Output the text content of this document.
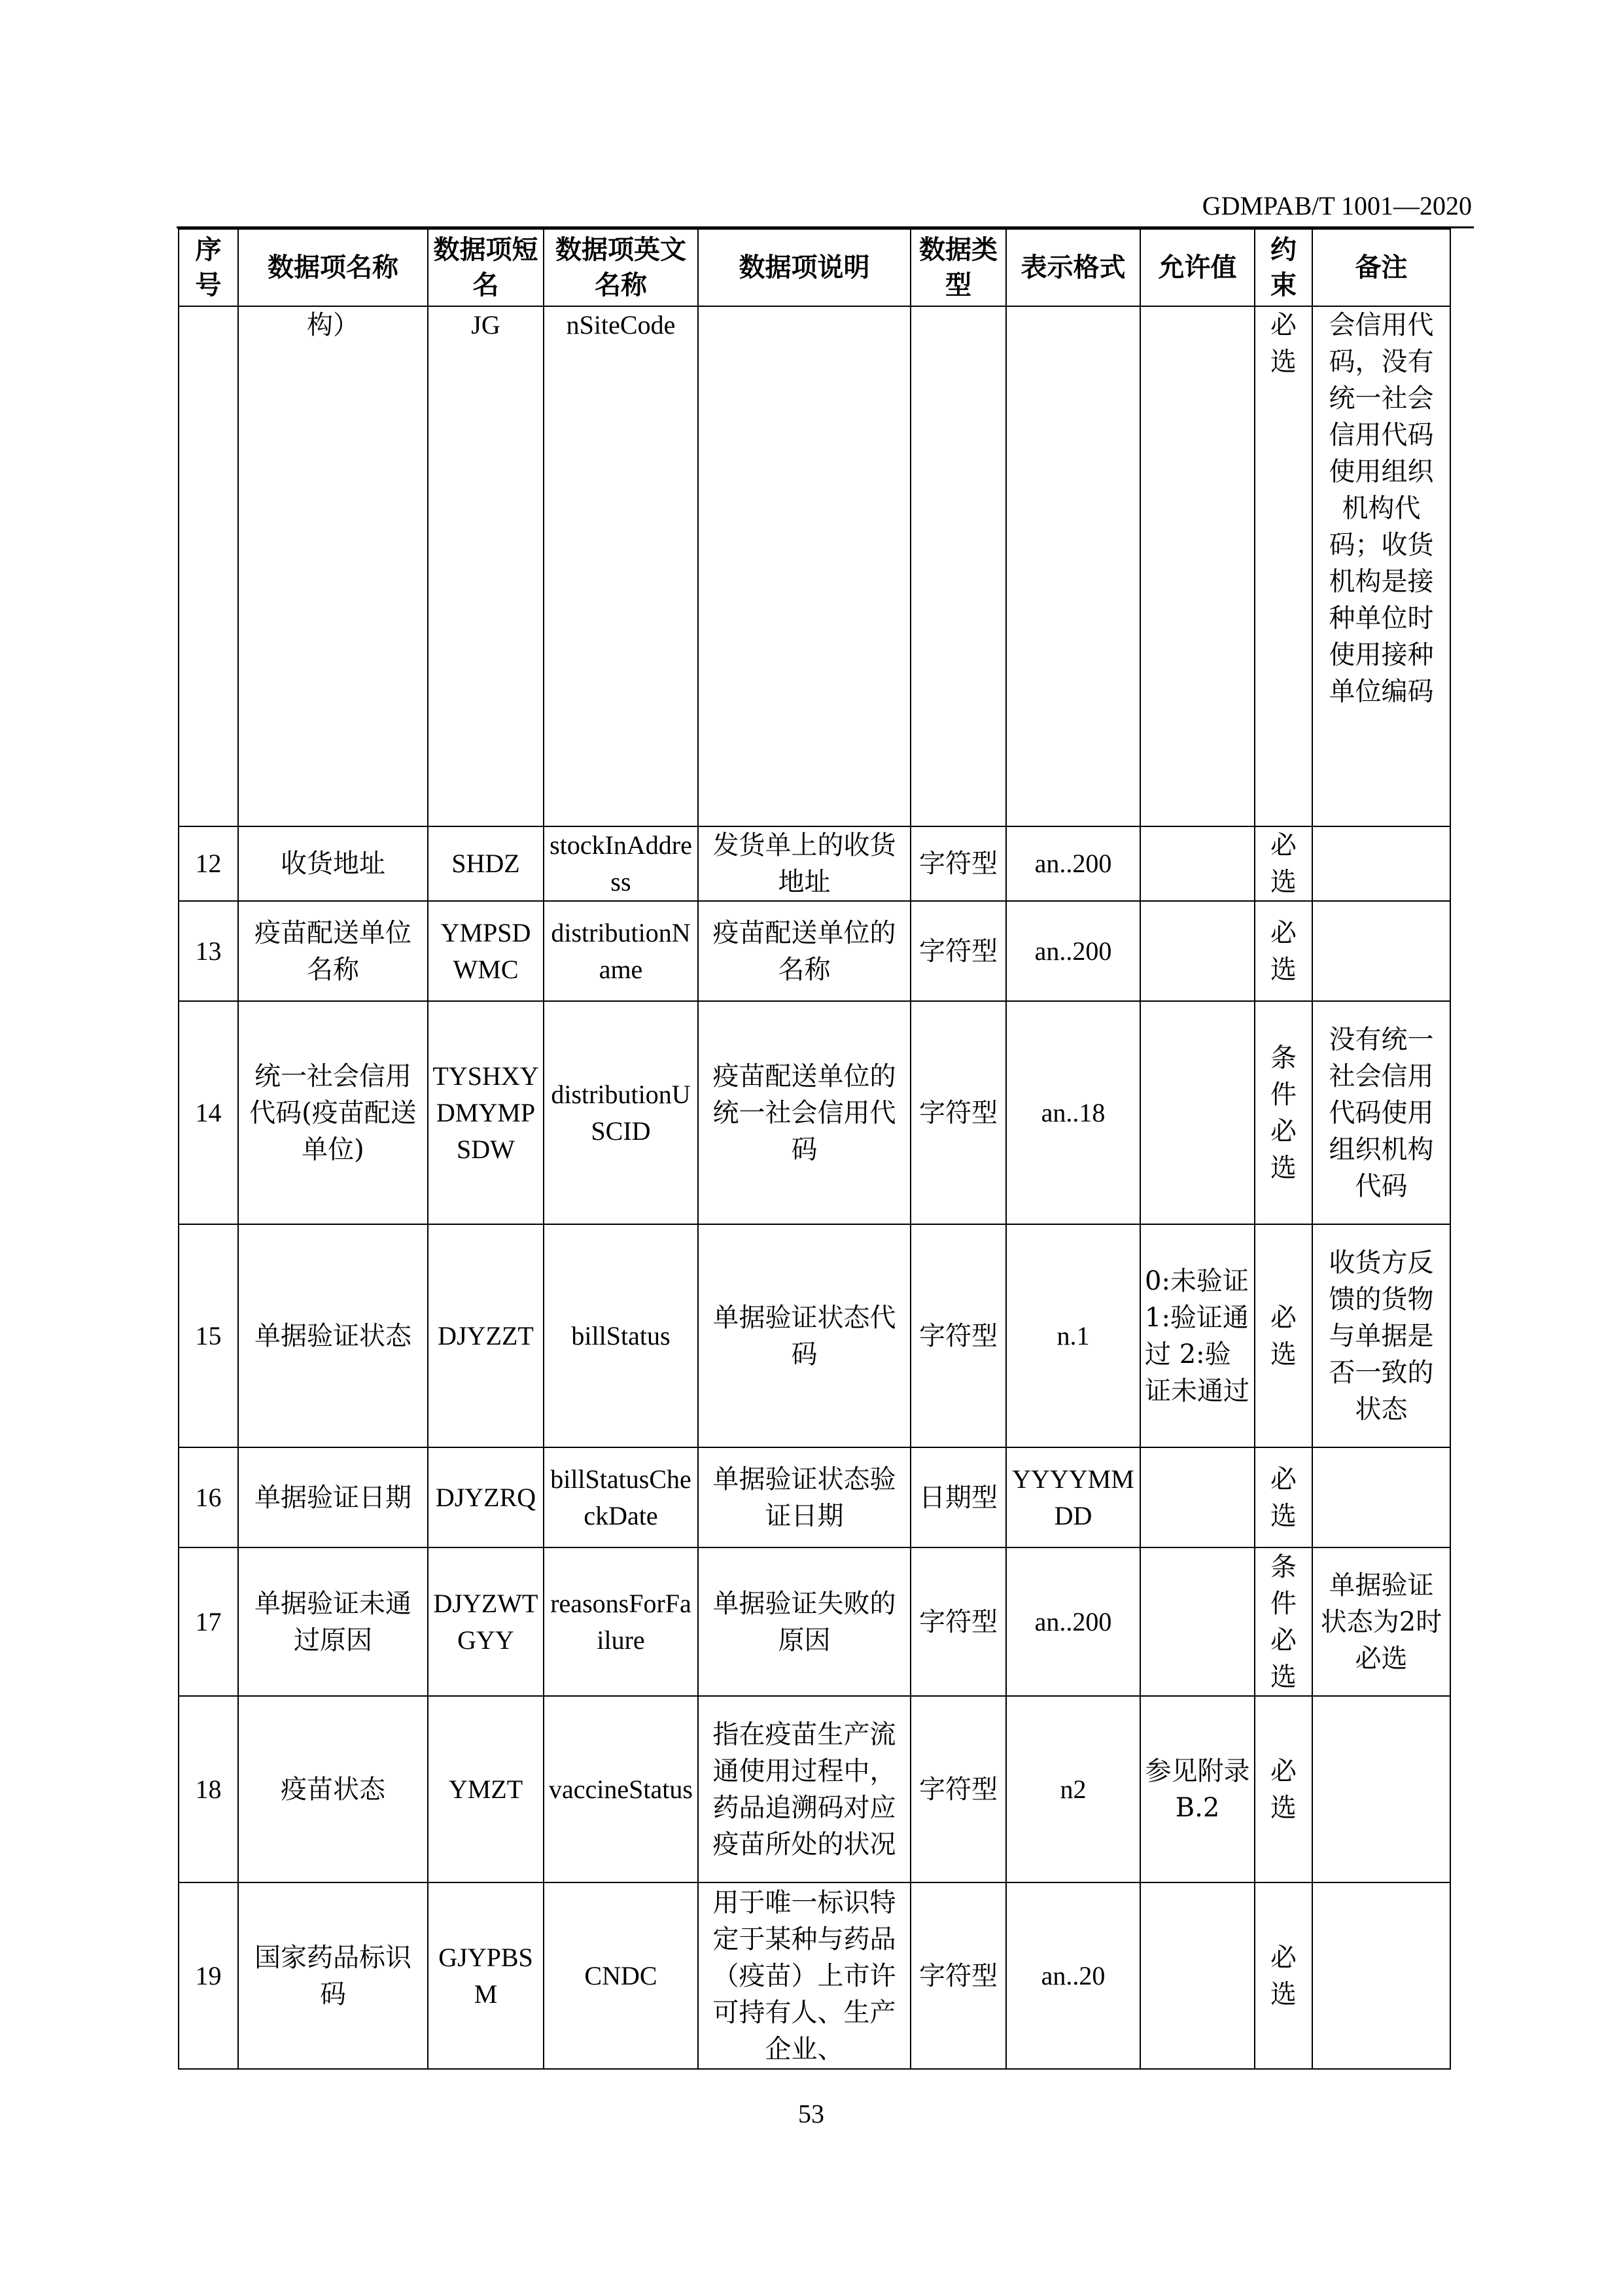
GDMPAB/T 1001—2020
序号	数据项名称	数据项短名	数据项英文名称	数据项说明	数据类型	表示格式	允许值	约束	备注
	构）	JG	nSiteCode					必选	会信用代码，没有统一社会信用代码使用组织机构代码；收货机构是接种单位时使用接种单位编码
12	收货地址	SHDZ	stockInAddress	发货单上的收货地址	字符型	an..200		必选	
13	疫苗配送单位名称	YMPSDWMC	distributionName	疫苗配送单位的名称	字符型	an..200		必选	
14	统一社会信用代码(疫苗配送单位)	TYSHXYDMYMPSDW	distributionUSCID	疫苗配送单位的统一社会信用代码	字符型	an..18		条件必选	没有统一社会信用代码使用组织机构代码
15	单据验证状态	DJYZZT	billStatus	单据验证状态代码	字符型	n.1	0:未验证 1:验证通过 2:验证未通过	必选	收货方反馈的货物与单据是否一致的状态
16	单据验证日期	DJYZRQ	billStatusCheckDate	单据验证状态验证日期	日期型	YYYYMMDD		必选	
17	单据验证未通过原因	DJYZWTGYY	reasonsForFailure	单据验证失败的原因	字符型	an..200		条件必选	单据验证状态为2时必选
18	疫苗状态	YMZT	vaccineStatus	指在疫苗生产流通使用过程中，药品追溯码对应疫苗所处的状况	字符型	n2	参见附录B.2	必选	
19	国家药品标识码	GJYPBSM	CNDC	用于唯一标识特定于某种与药品（疫苗）上市许可持有人、生产企业、	字符型	an..20		必选	
53
